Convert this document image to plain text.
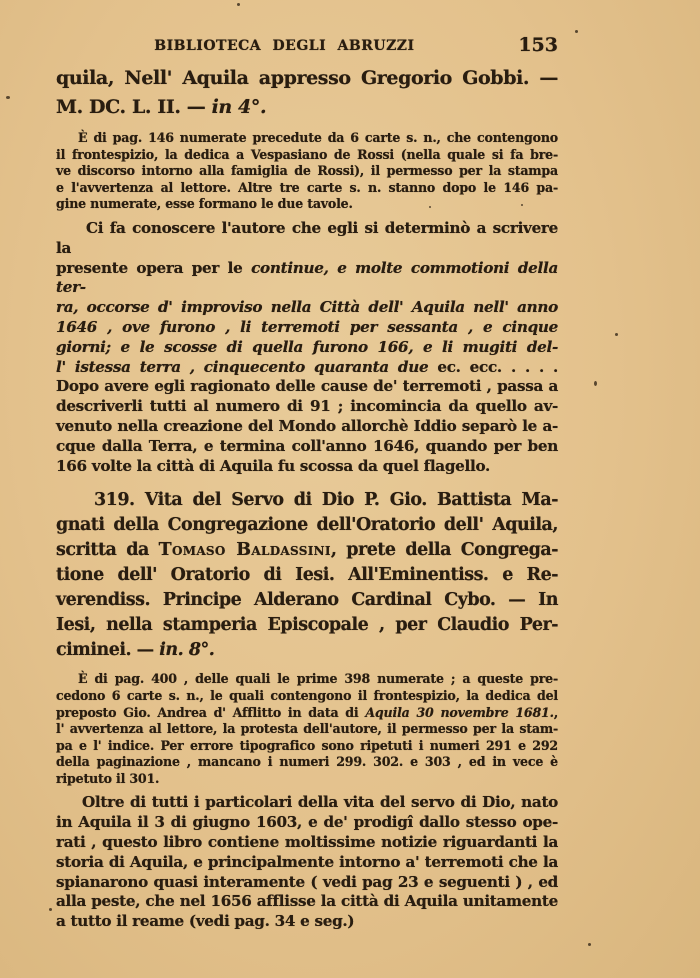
BIBLIOTECA DEGLI ABRUZZI	153
quila, Nell' Aquila appresso Gregorio Gobbi. —
M. DC. L. II. — in 4°.
È di pag. 146 numerate precedute da 6 carte s. n., che contengono
il frontespizio, la dedica a Vespasiano de Rossi (nella quale si fa bre-
ve discorso intorno alla famiglia de Rossi), il permesso per la stampa
e l'avvertenza al lettore. Altre tre carte s. n. stanno dopo le 146 pa-
gine numerate, esse formano le due tavole.
Ci fa conoscere l'autore che egli si determinò a scrivere la
presente opera per le continue, e molte commotioni della ter-
ra, occorse d' improviso nella Città dell' Aquila nell' anno
1646 , ove furono , li terremoti per sessanta , e cinque
giorni; e le scosse di quella furono 166, e li mugiti del-
l' istessa terra , cinquecento quaranta due ec. ecc. . . . .
Dopo avere egli ragionato delle cause de' terremoti , passa a
descriverli tutti al numero di 91 ; incomincia da quello av-
venuto nella creazione del Mondo allorchè Iddio separò le a-
cque dalla Terra, e termina coll'anno 1646, quando per ben
166 volte la città di Aquila fu scossa da quel flagello.
319. Vita del Servo di Dio P. Gio. Battista Ma-
gnati della Congregazione dell'Oratorio dell' Aquila,
scritta da Tomaso Baldassini, prete della Congrega-
tione dell' Oratorio di Iesi. All'Eminentiss. e Re-
verendiss. Principe Alderano Cardinal Cybo. — In
Iesi, nella stamperia Episcopale , per Claudio Per-
ciminei. — in. 8°.
È di pag. 400 , delle quali le prime 398 numerate ; a queste pre-
cedono 6 carte s. n., le quali contengono il frontespizio, la dedica del
preposto Gio. Andrea d' Afflitto in data di Aquila 30 novembre 1681.,
l' avvertenza al lettore, la protesta dell'autore, il permesso per la stam-
pa e l' indice. Per errore tipografico sono ripetuti i numeri 291 e 292
della paginazione , mancano i numeri 299. 302. e 303 , ed in vece è
ripetuto il 301.
Oltre di tutti i particolari della vita del servo di Dio, nato
in Aquila il 3 di giugno 1603, e de' prodigî dallo stesso ope-
rati , questo libro contiene moltissime notizie riguardanti la
storia di Aquila, e principalmente intorno a' terremoti che la
spianarono quasi interamente ( vedi pag 23 e seguenti ) , ed
alla peste, che nel 1656 afflisse la città di Aquila unitamente
a tutto il reame (vedi pag. 34 e seg.)
